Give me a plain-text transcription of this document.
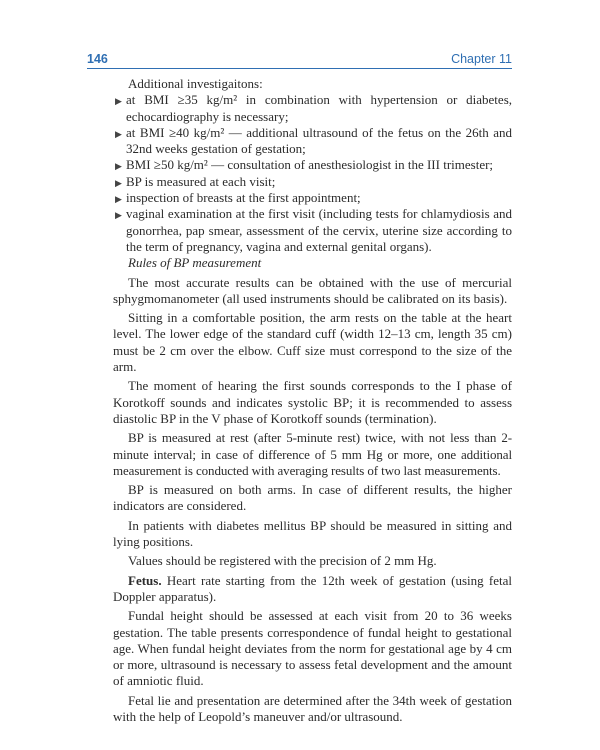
146	Chapter 11

Additional investigaitons:

▶ at BMI ≥35 kg/m² in combination with hypertension or diabetes, echocardiography is necessary;
▶ at BMI ≥40 kg/m² — additional ultrasound of the fetus on the 26th and 32nd weeks gestation of gestation;
▶ BMI ≥50 kg/m² — consultation of anesthesiologist in the III trimester;
▶ BP is measured at each visit;
▶ inspection of breasts at the first appointment;
▶ vaginal examination at the first visit (including tests for chlamydiosis and gonorrhea, pap smear, assessment of the cervix, uterine size according to the term of pregnancy, vagina and external genital organs).

Rules of BP measurement

The most accurate results can be obtained with the use of mercurial sphygmomanometer (all used instruments should be calibrated on its basis).

Sitting in a comfortable position, the arm rests on the table at the heart level. The lower edge of the standard cuff (width 12–13 cm, length 35 cm) must be 2 cm over the elbow. Cuff size must correspond to the size of the arm.

The moment of hearing the first sounds corresponds to the I phase of Korotkoff sounds and indicates systolic BP; it is recommended to assess diastolic BP in the V phase of Korotkoff sounds (termination).

BP is measured at rest (after 5-minute rest) twice, with not less than 2-minute interval; in case of difference of 5 mm Hg or more, one additional measurement is conducted with averaging results of two last measurements.

BP is measured on both arms. In case of different results, the higher indicators are considered.

In patients with diabetes mellitus BP should be measured in sitting and lying positions.

Values should be registered with the precision of 2 mm Hg.

Fetus. Heart rate starting from the 12th week of gestation (using fetal Doppler apparatus).

Fundal height should be assessed at each visit from 20 to 36 weeks gestation. The table presents correspondence of fundal height to gestational age. When fundal height deviates from the norm for gestational age by 4 cm or more, ultrasound is necessary to assess fetal development and the amount of amniotic fluid.

Fetal lie and presentation are determined after the 34th week of gestation with the help of Leopold’s maneuver and/or ultrasound.
